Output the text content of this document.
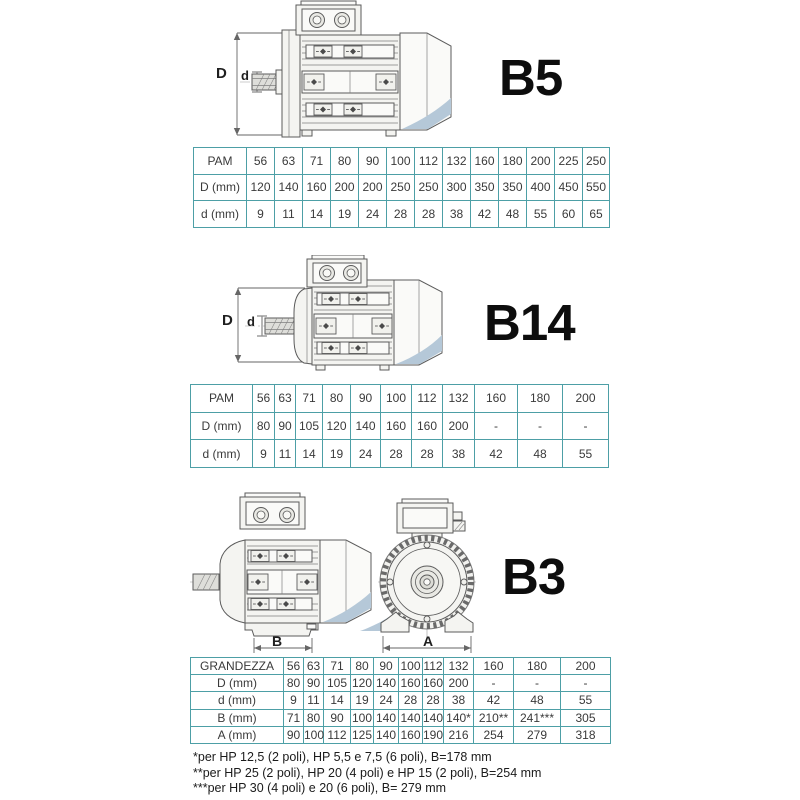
D d	B5
PAM	56	63	71	80	90	100	112	132	160	180	200	225	250
D (mm)	120	140	160	200	200	250	250	300	350	350	400	450	550
d (mm)	9	11	14	19	24	28	28	38	42	48	55	60	65
D d	B14
PAM	56	63	71	80	90	100	112	132	160	180	200
D (mm)	80	90	105	120	140	160	160	200	-	-	-
d (mm)	9	11	14	19	24	28	28	38	42	48	55
B	A
B3
GRANDEZZA	56	63	71	80	90	100	112	132	160	180	200
D (mm)	80	90	105	120	140	160	160	200	-	-	-
d (mm)	9	11	14	19	24	28	28	38	42	48	55
B (mm)	71	80	90	100	140	140	140	140*	210**	241***	305
A (mm)	90	100	112	125	140	160	190	216	254	279	318
*per HP 12,5 (2 poli), HP 5,5 e 7,5 (6 poli), B=178 mm
**per HP 25 (2 poli), HP 20 (4 poli) e HP 15 (2 poli), B=254 mm
***per HP 30 (4 poli) e 20 (6 poli), B= 279 mm
